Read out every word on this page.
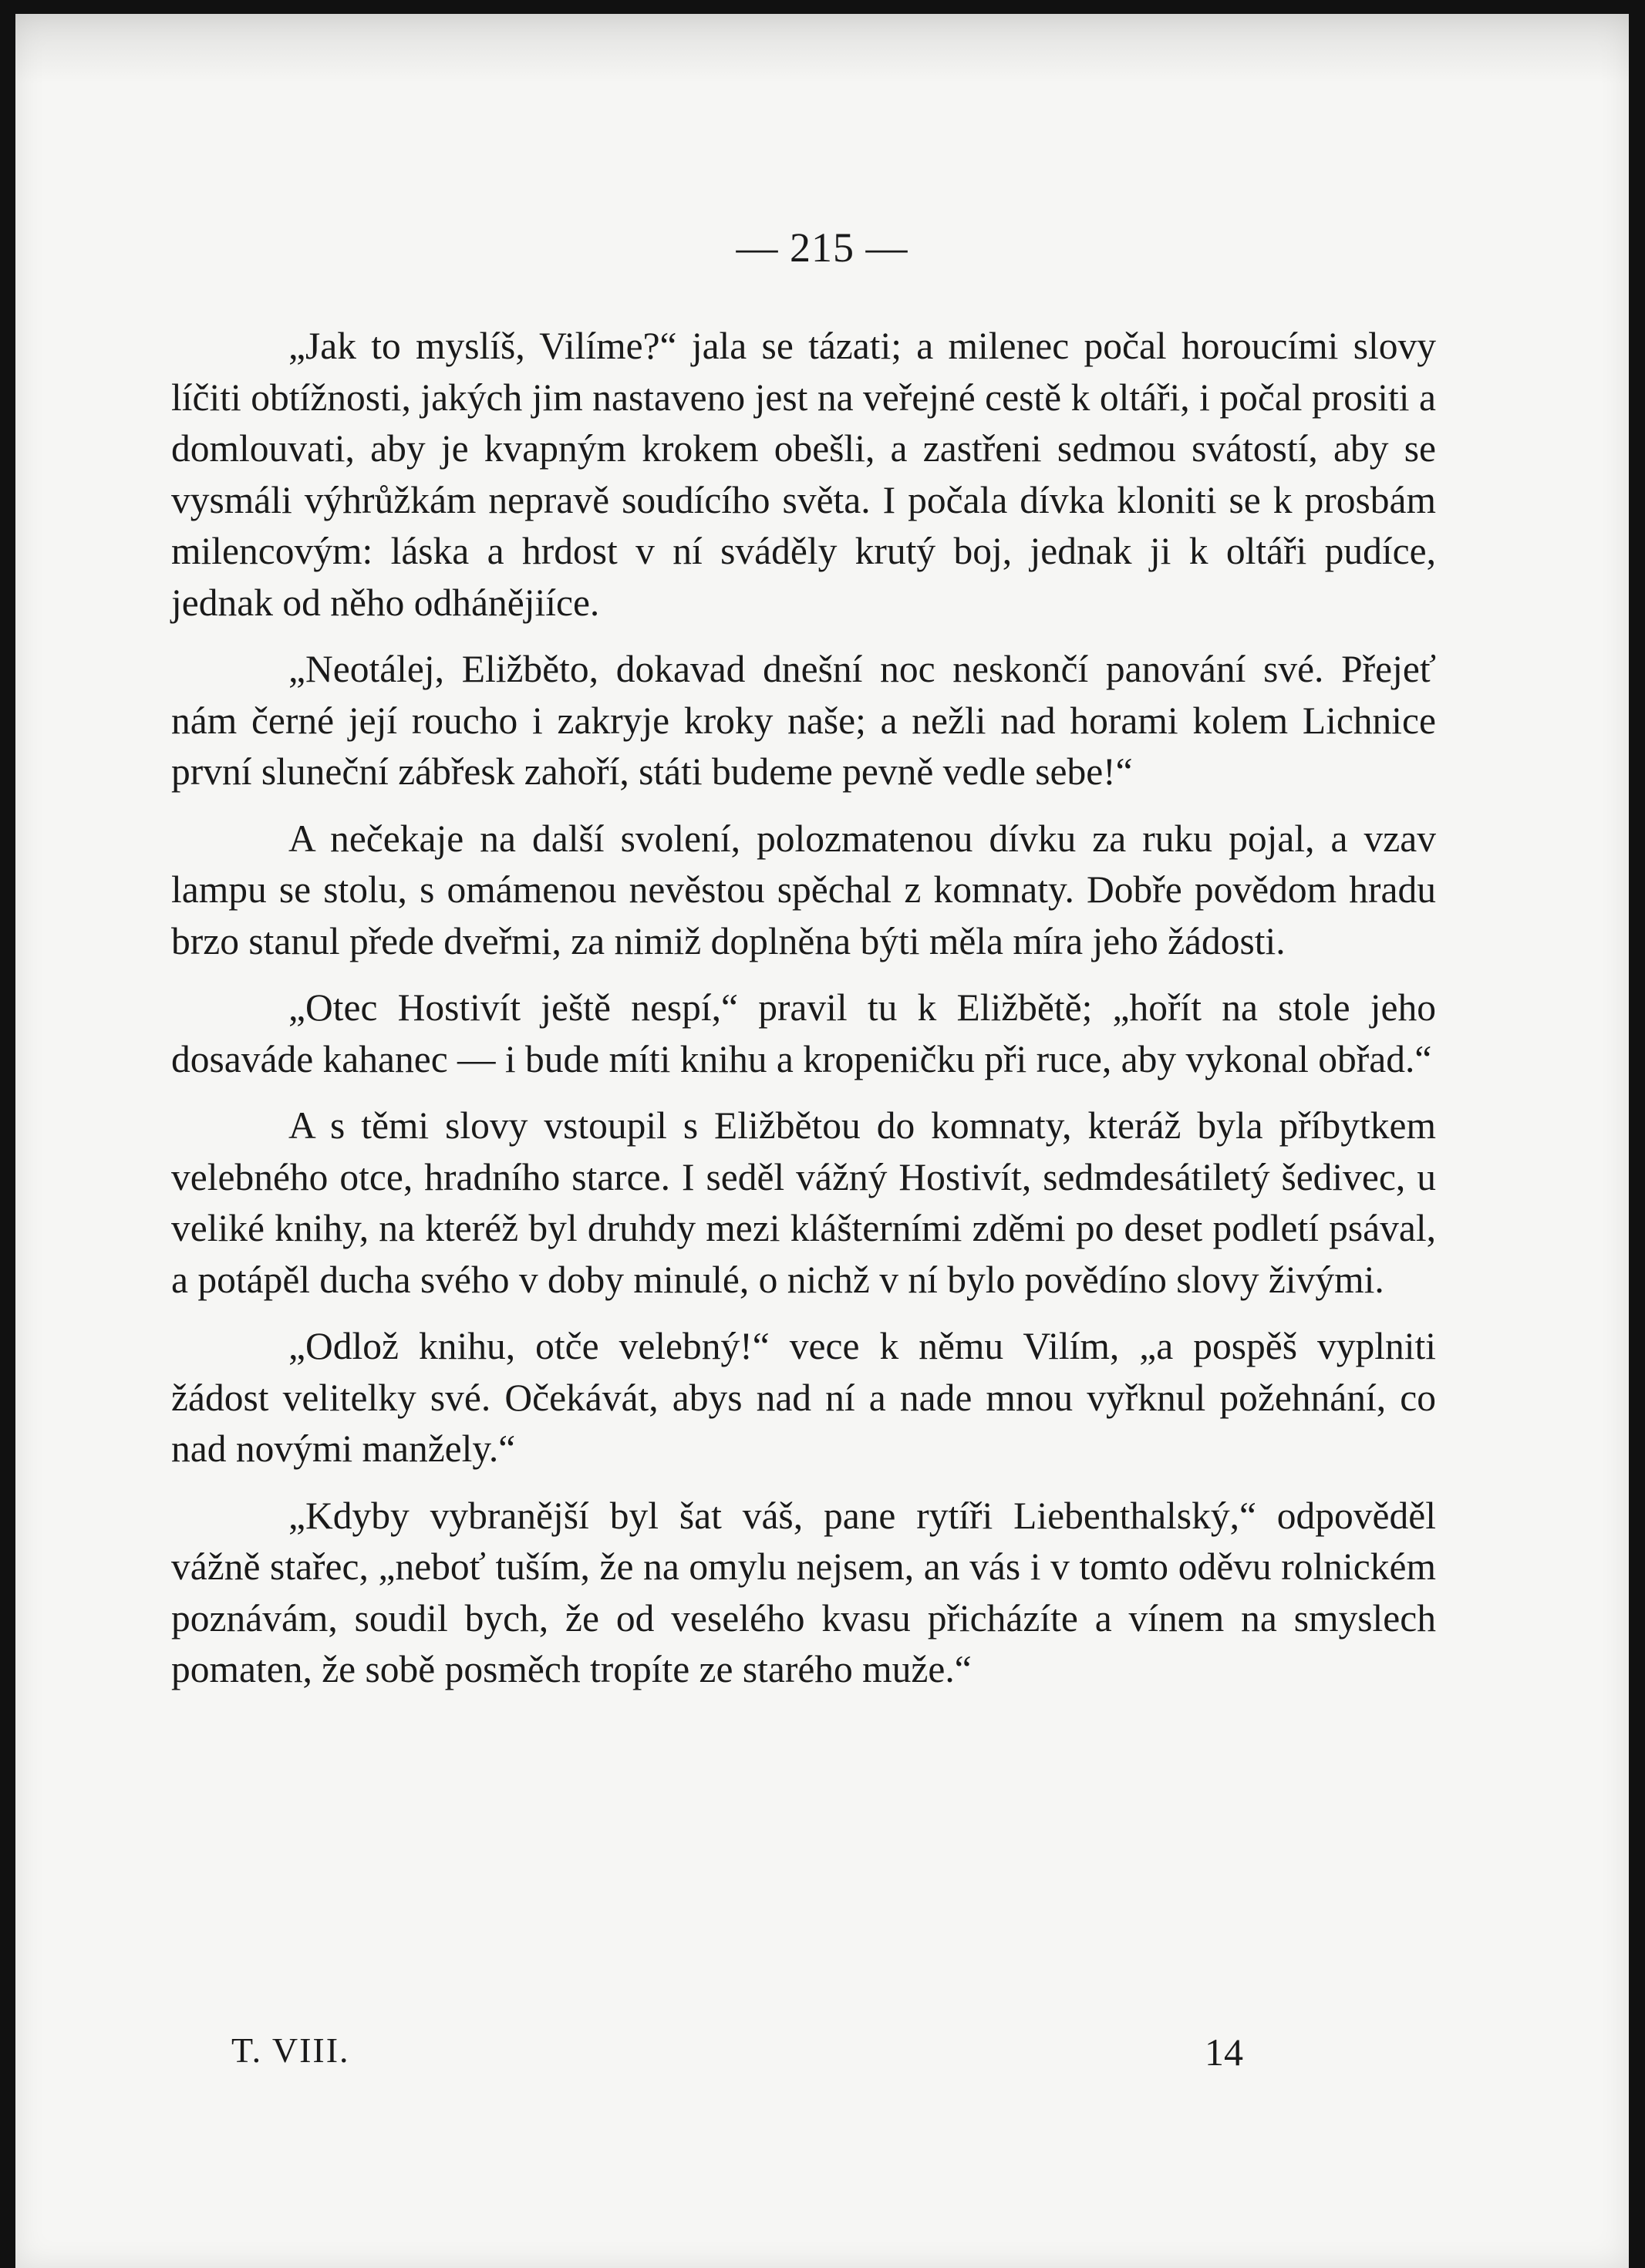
— 215 —

„Jak to myslíš, Vilíme?“ jala se tázati; a milenec počal horoucími slovy líčiti obtížnosti, jakých jim nastaveno jest na veřejné cestě k oltáři, i počal prositi a domlouvati, aby je kvapným krokem obešli, a zastřeni sedmou svátostí, aby se vysmáli výhrůžkám nepravě soudícího světa. I počala dívka kloniti se k prosbám milencovým: láska a hrdost v ní sváděly krutý boj, jednak ji k oltáři pudíce, jednak od něho odhánějiíce.

„Neotálej, Eližběto, dokavad dnešní noc neskončí panování své. Přejeť nám černé její roucho i zakryje kroky naše; a nežli nad horami kolem Lichnice první sluneční zábřesk zahoří, státi budeme pevně vedle sebe!“

A nečekaje na další svolení, polozmatenou dívku za ruku pojal, a vzav lampu se stolu, s omámenou nevěstou spěchal z komnaty. Dobře povědom hradu brzo stanul přede dveřmi, za nimiž doplněna býti měla míra jeho žádosti.

„Otec Hostivít ještě nespí,“ pravil tu k Eližbětě; „hořít na stole jeho dosaváde kahanec — i bude míti knihu a kropeničku při ruce, aby vykonal obřad.“

A s těmi slovy vstoupil s Eližbětou do komnaty, kteráž byla příbytkem velebného otce, hradního starce. I seděl vážný Hostivít, sedmdesátiletý šedivec, u veliké knihy, na kteréž byl druhdy mezi klášterními zděmi po deset podletí psával, a potápěl ducha svého v doby minulé, o nichž v ní bylo povědíno slovy živými.

„Odlož knihu, otče velebný!“ vece k němu Vilím, „a pospěš vyplniti žádost velitelky své. Očekávát, abys nad ní a nade mnou vyřknul požehnání, co nad novými manžely.“

„Kdyby vybranější byl šat váš, pane rytíři Liebenthalský,“ odpověděl vážně stařec, „neboť tuším, že na omylu nejsem, an vás i v tomto oděvu rolnickém poznávám, soudil bych, že od veselého kvasu přicházíte a vínem na smyslech pomaten, že sobě posměch tropíte ze starého muže.“

T. VIII.	14
